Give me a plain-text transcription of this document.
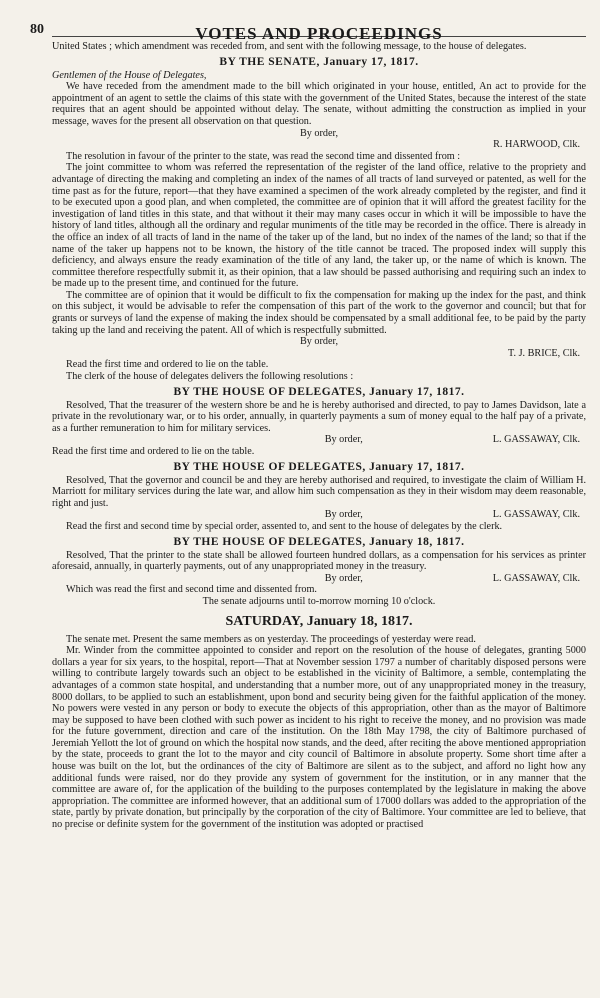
80	VOTES AND PROCEEDINGS

United States ; which amendment was receded from, and sent with the following message, to the house of delegates.

BY THE SENATE, January 17, 1817.

Gentlemen of the House of Delegates,

We have receded from the amendment made to the bill which originated in your house, entitled, An act to provide for the appointment of an agent to settle the claims of this state with the government of the United States, because the interest of the state requires that an agent should be appointed without delay. The senate, without admitting the construction as implied in your message, waves for the present all observation on that question.

By order,
R. HARWOOD, Clk.

The resolution in favour of the printer to the state, was read the second time and dissented from :

The joint committee to whom was referred the representation of the register of the land office, relative to the propriety and advantage of directing the making and completing an index of the names of all tracts of land surveyed or patented, as well for the time past as for the future, report—that they have examined a specimen of the work already completed by the register, and find it to be executed upon a good plan, and when completed, the committee are of opinion that it will afford the greatest facility for the investigation of land titles in this state, and that without it their may many cases occur in which it will be impossible to have the history of land titles, although all the ordinary and regular muniments of the title may be recorded in the office. There is already in the office an index of all tracts of land in the name of the taker up of the land, but no index of the names of the land; so that if the name of the taker up happens not to be known, the history of the title cannot be traced. The proposed index will supply this deficiency, and always ensure the ready examination of the title of any land, the taker up, or the name of which is known. The committee therefore respectfully submit it, as their opinion, that a law should be passed authorising and requiring such an index to be made up to the present time, and continued for the future.

The committee are of opinion that it would be difficult to fix the compensation for making up the index for the past, and think on this subject, it would be advisable to refer the compensation of this part of the work to the governor and council; but that for grants or surveys of land the expense of making the index should be compensated by a small additional fee, to be paid by the party taking up the land and receiving the patent. All of which is respectfully submitted.

By order,
T. J. BRICE, Clk.

Read the first time and ordered to lie on the table.

The clerk of the house of delegates delivers the following resolutions :

BY THE HOUSE OF DELEGATES, January 17, 1817.

Resolved, That the treasurer of the western shore be and he is hereby authorised and directed, to pay to James Davidson, late a private in the revolutionary war, or to his order, annually, in quarterly payments a sum of money equal to the half pay of a private, as a further remuneration to him for military services.

By order,	L. GASSAWAY, Clk.

Read the first time and ordered to lie on the table.

BY THE HOUSE OF DELEGATES, January 17, 1817.

Resolved, That the governor and council be and they are hereby authorised and required, to investigate the claim of William H. Marriott for military services during the late war, and allow him such compensation as they in their wisdom may deem reasonable, right and just.

By order,	L. GASSAWAY, Clk.

Read the first and second time by special order, assented to, and sent to the house of delegates by the clerk.

BY THE HOUSE OF DELEGATES, January 18, 1817.

Resolved, That the printer to the state shall be allowed fourteen hundred dollars, as a compensation for his services as printer aforesaid, annually, in quarterly payments, out of any unappropriated money in the treasury.

By order,	L. GASSAWAY, Clk.

Which was read the first and second time and dissented from.

The senate adjourns until to-morrow morning 10 o'clock.
SATURDAY, January 18, 1817.

The senate met. Present the same members as on yesterday. The proceedings of yesterday were read.

Mr. Winder from the committee appointed to consider and report on the resolution of the house of delegates, granting 5000 dollars a year for six years, to the hospital, report—That at November session 1797 a number of charitably disposed persons were willing to contribute largely towards such an object to be established in the vicinity of Baltimore, a semble, contemplating the advantages of a common state hospital, and understanding that a number more, out of any unappropriated money in the treasury, 8000 dollars, to be applied to such an establishment, upon bond and security being given for the faithful application of the money. No powers were vested in any person or body to execute the objects of this appropriation, other than as the mayor of Baltimore may be supposed to have been clothed with such power as incident to his right to receive the money, and no provision was made for the future government, direction and care of the institution. On the 18th May 1798, the city of Baltimore purchased of Jeremiah Yellott the lot of ground on which the hospital now stands, and the deed, after reciting the above mentioned appropriation by the state, proceeds to grant the lot to the mayor and city council of Baltimore in absolute property. Some short time after a house was built on the lot, but the ordinances of the city of Baltimore are silent as to the subject, and afford no light how any additional funds were raised, nor do they provide any system of government for the institution, or in any manner that the committee are aware of, for the application of the building to the purposes contemplated by the legislature in making the above appropriation. The committee are informed however, that an additional sum of 17000 dollars was added to the appropriation of the state, partly by private donation, but principally by the corporation of the city of Baltimore. Your committee are led to believe, that no precise or definite system for the government of the institution was adopted or practised
